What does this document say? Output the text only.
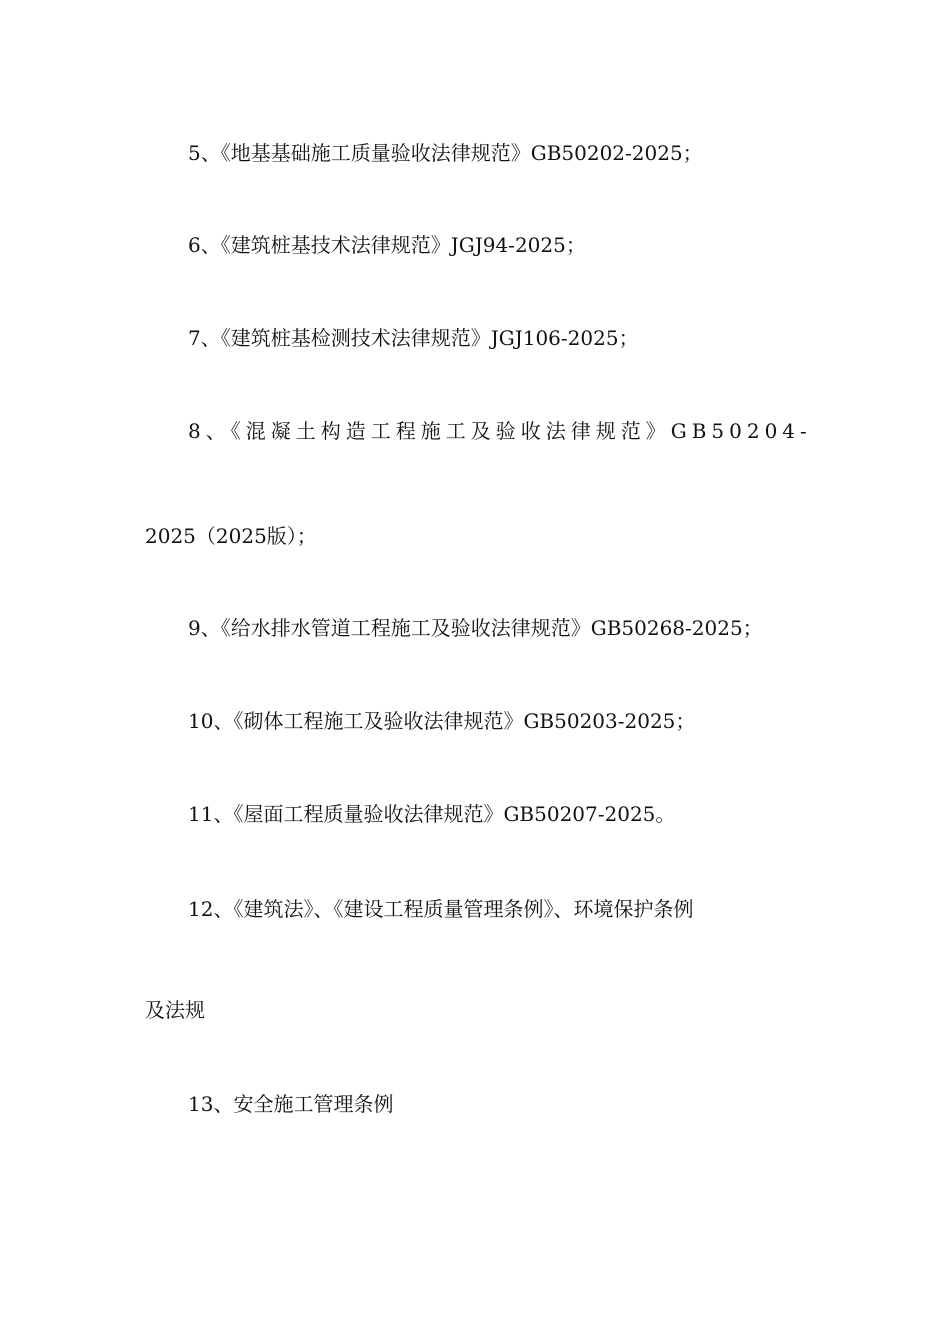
5、《地基基础施工质量验收法律规范》GB50202-2025；
6、《建筑桩基技术法律规范》JGJ94-2025；
7、《建筑桩基检测技术法律规范》JGJ106-2025；
8、《混凝土构造工程施工及验收法律规范》GB50204-
2025（2025版）；
9、《给水排水管道工程施工及验收法律规范》GB50268-2025；
10、《砌体工程施工及验收法律规范》GB50203-2025；
11、《屋面工程质量验收法律规范》GB50207-2025。
12、《建筑法》、《建设工程质量管理条例》、环境保护条例
及法规
13、安全施工管理条例
